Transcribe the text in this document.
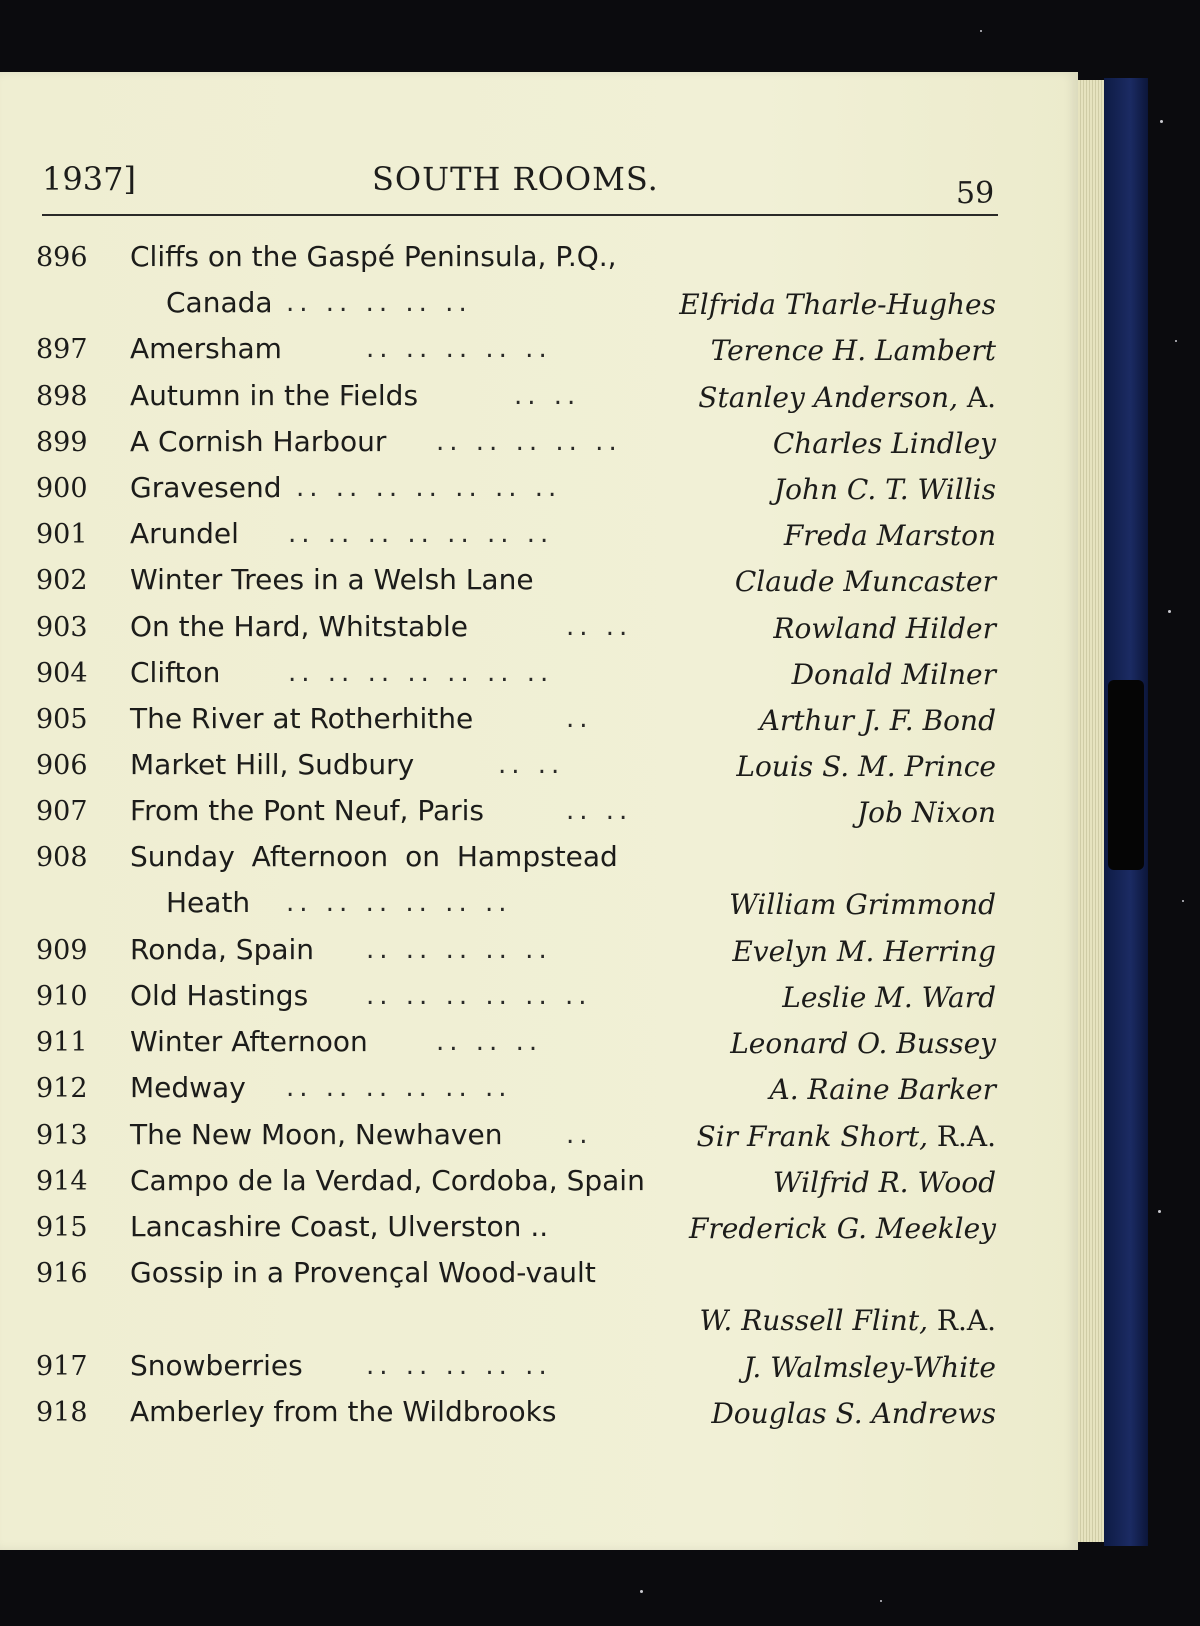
1937]	SOUTH ROOMS.	59
896 Cliffs on the Gaspé Peninsula, P.Q.,
Canada .. .. .. .. ..	Elfrida Tharle-Hughes
897 Amersham	.. .. .. .. ..	Terence H. Lambert
898 Autumn in the Fields	.. ..	Stanley Anderson, A.
899 A Cornish Harbour .. .. .. .. ..	Charles Lindley
900 Gravesend .. .. .. .. .. .. ..	John C. T. Willis
901 Arundel .. .. .. .. .. .. ..	Freda Marston
902 Winter Trees in a Welsh Lane	Claude Muncaster
903 On the Hard, Whitstable	.. ..	Rowland Hilder
904 Clifton	.. .. .. .. .. .. ..	Donald Milner
905 The River at Rotherhithe	..	Arthur J. F. Bond
906 Market Hill, Sudbury	.. ..	Louis S. M. Prince
907 From the Pont Neuf, Paris	.. ..	Job Nixon
908 Sunday Afternoon on Hampstead
Heath .. .. .. .. .. ..	William Grimmond
909 Ronda, Spain .. .. .. .. ..	Evelyn M. Herring
910 Old Hastings .. .. .. .. .. ..	Leslie M. Ward
911 Winter Afternoon	.. .. ..	Leonard O. Bussey
912 Medway .. .. .. .. .. ..	A. Raine Barker
913 The New Moon, Newhaven ..	Sir Frank Short, R.A.
914 Campo de la Verdad, Cordoba, Spain	Wilfrid R. Wood
915 Lancashire Coast, Ulverston ..	Frederick G. Meekley
916 Gossip in a Provençal Wood-vault
W. Russell Flint, R.A.
917 Snowberries .. .. .. .. ..	J. Walmsley-White
918 Amberley from the Wildbrooks	Douglas S. Andrews
